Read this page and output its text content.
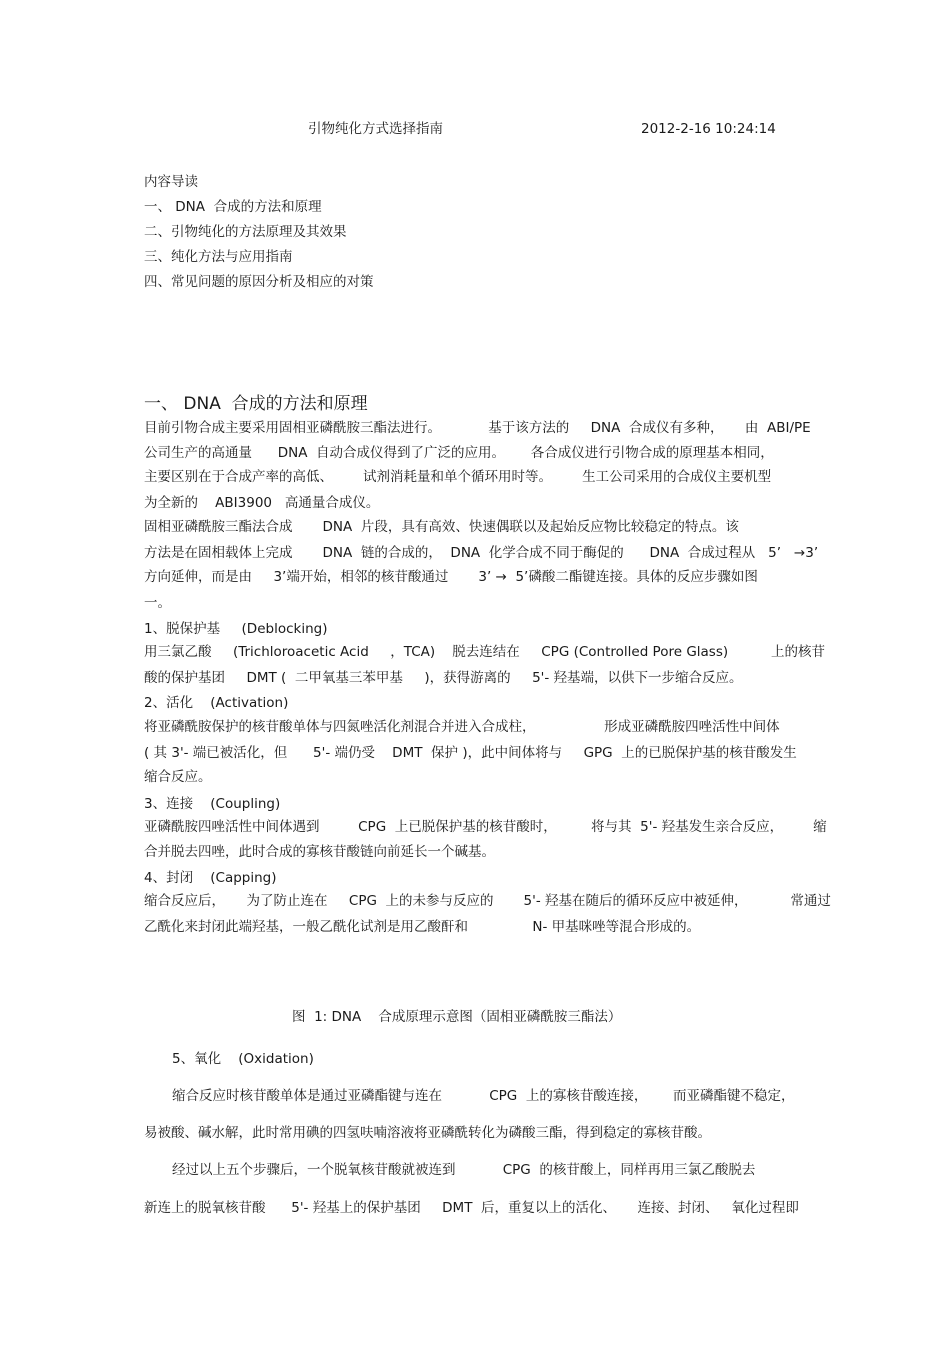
引物纯化方式选择指南	2012-2-16 10:24:14
内容导读
一、 DNA  合成的方法和原理
二、引物纯化的方法原理及其效果
三、纯化方法与应用指南
四、常见问题的原因分析及相应的对策
一、 DNA  合成的方法和原理
目前引物合成主要采用固相亚磷酰胺三酯法进行。           基于该方法的     DNA  合成仪有多种，     由  ABI/PE
公司生产的高通量      DNA  自动合成仪得到了广泛的应用。      各合成仪进行引物合成的原理基本相同，
主要区别在于合成产率的高低、       试剂消耗量和单个循环用时等。       生工公司采用的合成仪主要机型
为全新的    ABI3900   高通量合成仪。
固相亚磷酰胺三酯法合成       DNA  片段，具有高效、快速偶联以及起始反应物比较稳定的特点。该
方法是在固相载体上完成       DNA  链的合成的，  DNA  化学合成不同于酶促的      DNA  合成过程从   5’   →3’
方向延伸，而是由     3’端开始，相邻的核苷酸通过       3’ →  5’磷酸二酯键连接。具体的反应步骤如图
一。
1、脱保护基     (Deblocking)
用三氯乙酸     (Trichloroacetic Acid     ，TCA)    脱去连结在     CPG (Controlled Pore Glass)          上的核苷
酸的保护基团     DMT (  二甲氧基三苯甲基     )，获得游离的     5'- 羟基端，以供下一步缩合反应。
2、活化    (Activation)
将亚磷酰胺保护的核苷酸单体与四氮唑活化剂混合并进入合成柱，                形成亚磷酰胺四唑活性中间体
( 其 3'- 端已被活化，但      5'- 端仍受    DMT  保护 )，此中间体将与     GPG  上的已脱保护基的核苷酸发生
缩合反应。
3、连接    (Coupling)
亚磷酰胺四唑活性中间体遇到         CPG  上已脱保护基的核苷酸时，        将与其  5'- 羟基发生亲合反应，       缩
合并脱去四唑，此时合成的寡核苷酸链向前延长一个碱基。
4、封闭    (Capping)
缩合反应后，     为了防止连在     CPG  上的未参与反应的       5'- 羟基在随后的循环反应中被延伸，          常通过
乙酰化来封闭此端羟基，一般乙酰化试剂是用乙酸酐和               N- 甲基咪唑等混合形成的。
图  1: DNA    合成原理示意图（固相亚磷酰胺三酯法）
5、氧化    (Oxidation)
缩合反应时核苷酸单体是通过亚磷酯键与连在           CPG  上的寡核苷酸连接，      而亚磷酯键不稳定，
易被酸、碱水解，此时常用碘的四氢呋喃溶液将亚磷酰转化为磷酸三酯，得到稳定的寡核苷酸。
经过以上五个步骤后，一个脱氧核苷酸就被连到           CPG  的核苷酸上，同样再用三氯乙酸脱去
新连上的脱氧核苷酸      5'- 羟基上的保护基团     DMT  后，重复以上的活化、     连接、封闭、   氧化过程即
